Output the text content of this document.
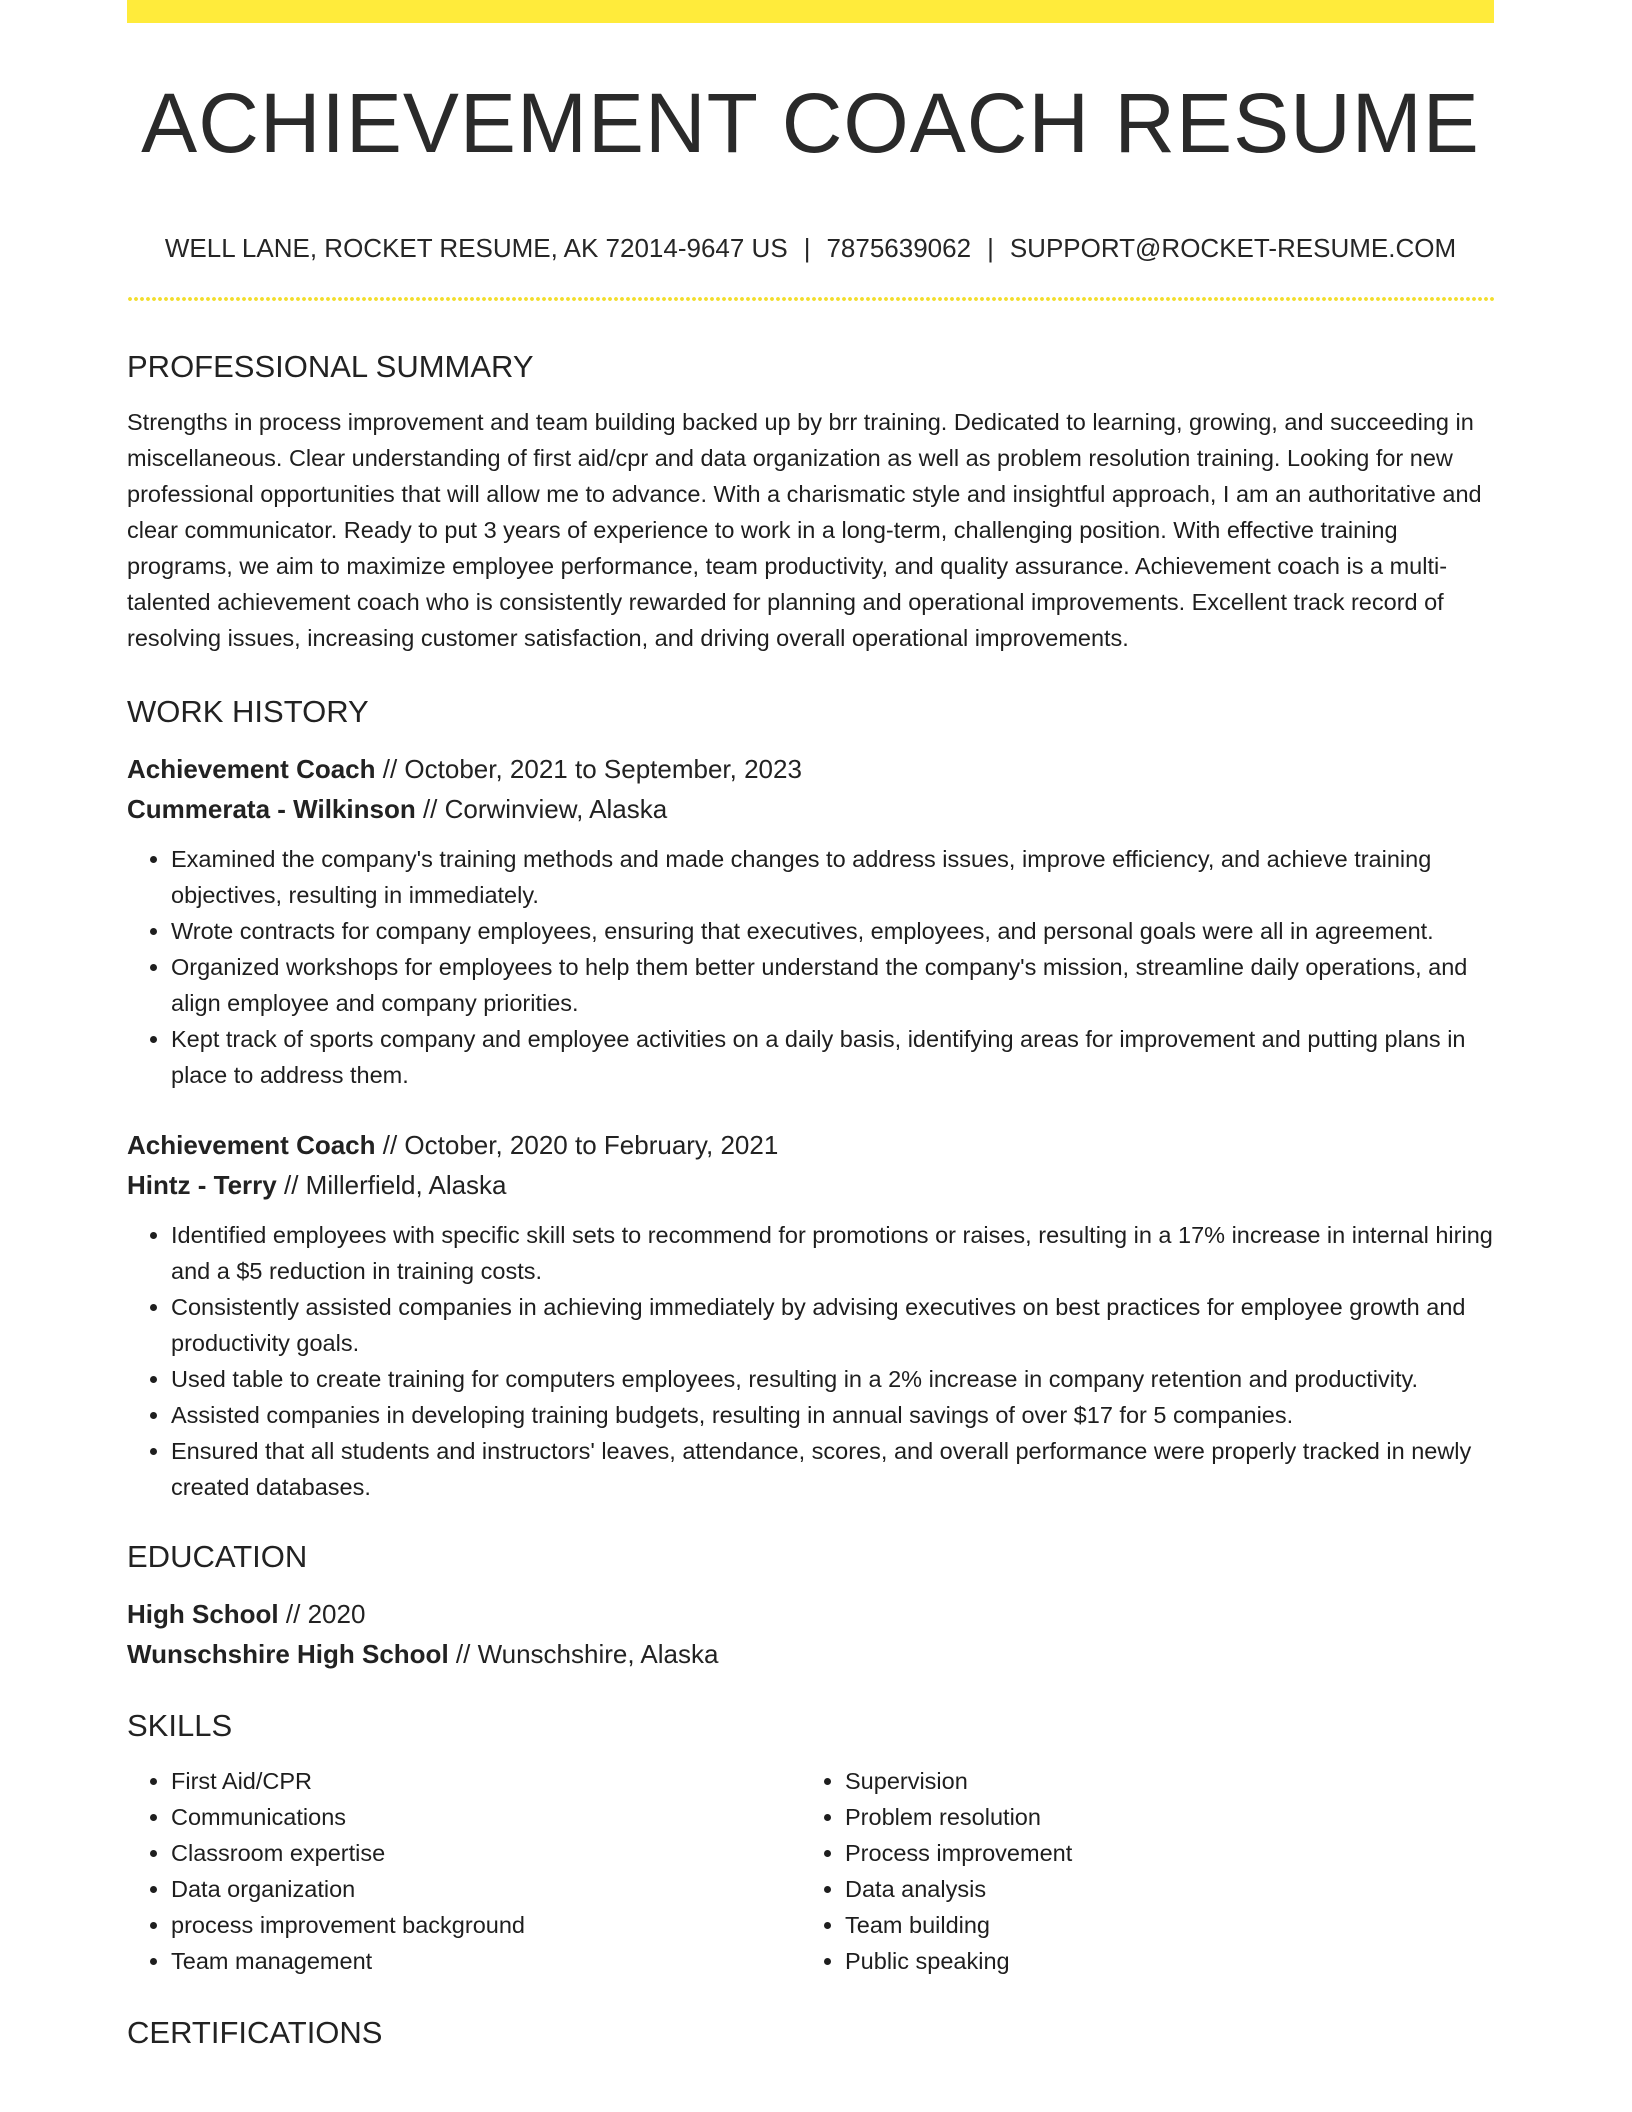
ACHIEVEMENT COACH RESUME
WELL LANE, ROCKET RESUME, AK 72014-9647 US | 7875639062 | SUPPORT@ROCKET-RESUME.COM
PROFESSIONAL SUMMARY

Strengths in process improvement and team building backed up by brr training. Dedicated to learning, growing, and succeeding in miscellaneous. Clear understanding of first aid/cpr and data organization as well as problem resolution training. Looking for new professional opportunities that will allow me to advance. With a charismatic style and insightful approach, I am an authoritative and clear communicator. Ready to put 3 years of experience to work in a long-term, challenging position. With effective training programs, we aim to maximize employee performance, team productivity, and quality assurance. Achievement coach is a multi-talented achievement coach who is consistently rewarded for planning and operational improvements. Excellent track record of resolving issues, increasing customer satisfaction, and driving overall operational improvements.

WORK HISTORY

Achievement Coach // October, 2021 to September, 2023

Cummerata - Wilkinson // Corwinview, Alaska

• Examined the company's training methods and made changes to address issues, improve efficiency, and achieve training objectives, resulting in immediately.
• Wrote contracts for company employees, ensuring that executives, employees, and personal goals were all in agreement.
• Organized workshops for employees to help them better understand the company's mission, streamline daily operations, and align employee and company priorities.
• Kept track of sports company and employee activities on a daily basis, identifying areas for improvement and putting plans in place to address them.

Achievement Coach // October, 2020 to February, 2021

Hintz - Terry // Millerfield, Alaska

• Identified employees with specific skill sets to recommend for promotions or raises, resulting in a 17% increase in internal hiring and a $5 reduction in training costs.
• Consistently assisted companies in achieving immediately by advising executives on best practices for employee growth and productivity goals.
• Used table to create training for computers employees, resulting in a 2% increase in company retention and productivity.
• Assisted companies in developing training budgets, resulting in annual savings of over $17 for 5 companies.
• Ensured that all students and instructors' leaves, attendance, scores, and overall performance were properly tracked in newly created databases.
EDUCATION

High School // 2020

Wunschshire High School // Wunschshire, Alaska

SKILLS
• First Aid/CPR
• Communications
• Classroom expertise
• Data organization
• process improvement background
• Team management
• Supervision
• Problem resolution
• Process improvement
• Data analysis
• Team building
• Public speaking
CERTIFICATIONS
